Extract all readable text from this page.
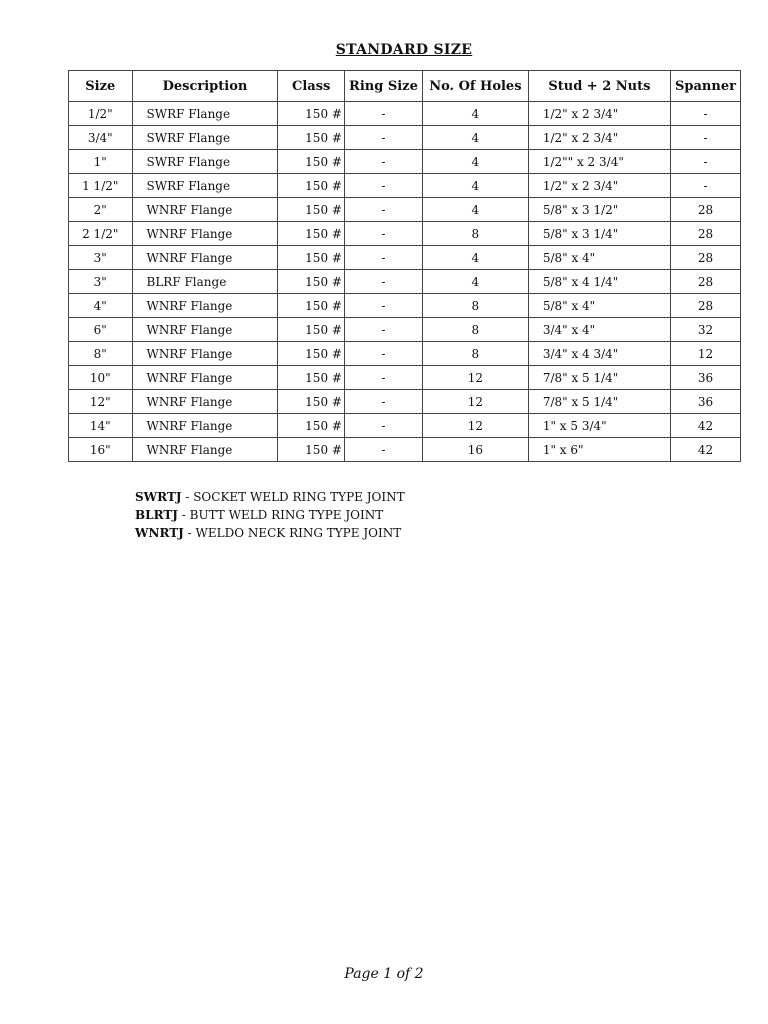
STANDARD SIZE
Size	Description	Class	Ring Size	No. Of Holes	Stud + 2 Nuts	Spanner
1/2"	SWRF Flange	150 #	-	4	1/2" x 2 3/4"	-
3/4"	SWRF Flange	150 #	-	4	1/2" x 2 3/4"	-
1"	SWRF Flange	150 #	-	4	1/2"" x 2 3/4"	-
1 1/2"	SWRF Flange	150 #	-	4	1/2" x 2 3/4"	-
2"	WNRF Flange	150 #	-	4	5/8" x 3 1/2"	28
2 1/2"	WNRF Flange	150 #	-	8	5/8" x 3 1/4"	28
3"	WNRF Flange	150 #	-	4	5/8" x 4"	28
3"	BLRF Flange	150 #	-	4	5/8" x 4 1/4"	28
4"	WNRF Flange	150 #	-	8	5/8" x 4"	28
6"	WNRF Flange	150 #	-	8	3/4" x 4"	32
8"	WNRF Flange	150 #	-	8	3/4" x 4 3/4"	12
10"	WNRF Flange	150 #	-	12	7/8" x 5 1/4"	36
12"	WNRF Flange	150 #	-	12	7/8" x 5 1/4"	36
14"	WNRF Flange	150 #	-	12	1" x 5 3/4"	42
16"	WNRF Flange	150 #	-	16	1" x 6"	42
SWRTJ - SOCKET WELD RING TYPE JOINT
BLRTJ - BUTT WELD RING TYPE JOINT
WNRTJ - WELDO NECK RING TYPE JOINT
Page 1 of 2
